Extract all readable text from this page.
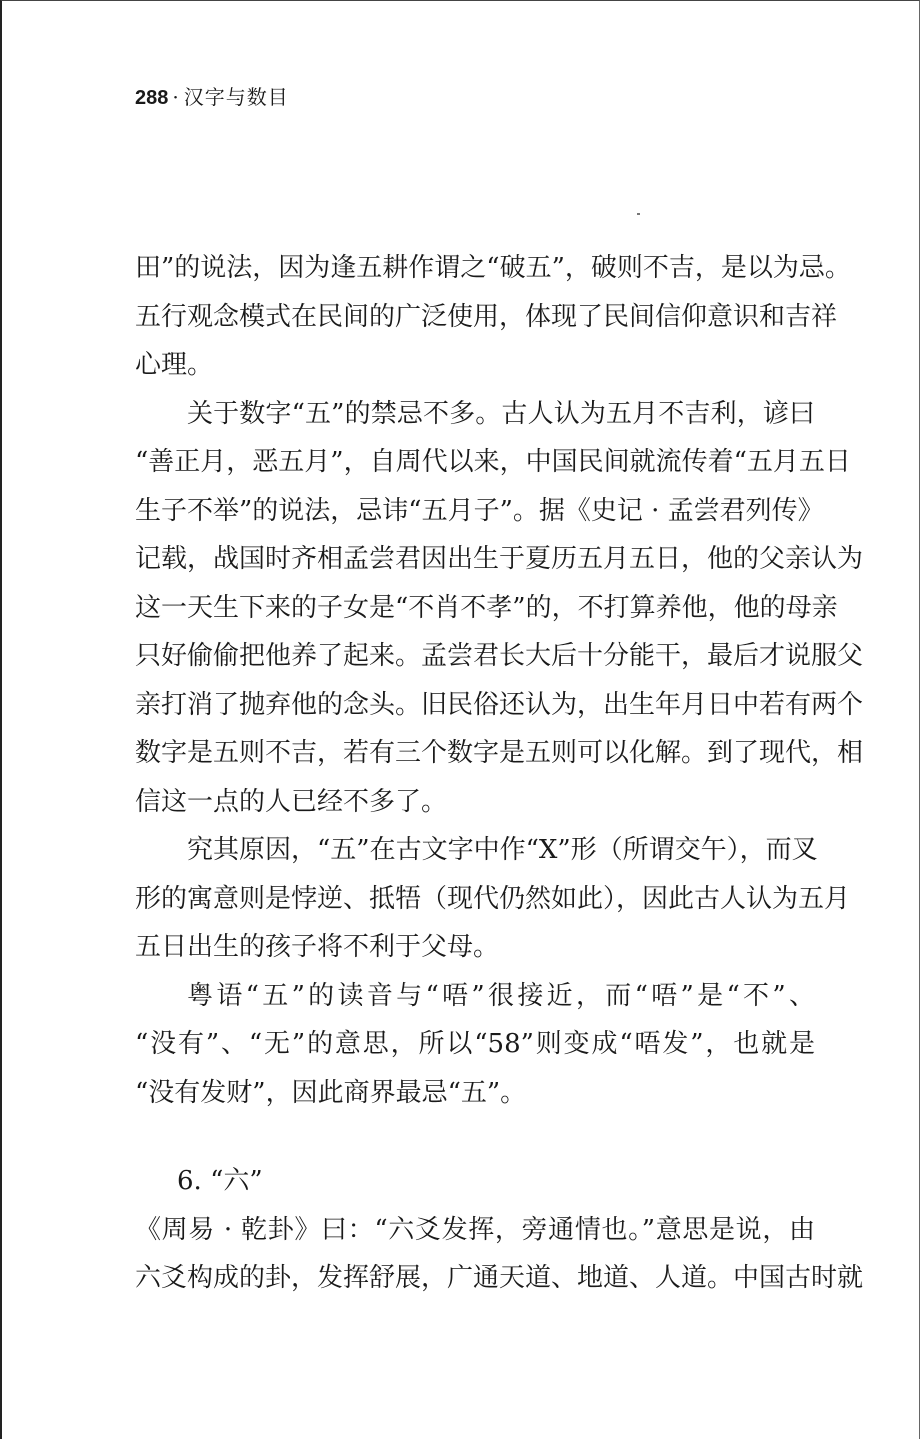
288 · 汉字与数目
田”的说法，因为逢五耕作谓之“破五”，破则不吉，是以为忌。
五行观念模式在民间的广泛使用，体现了民间信仰意识和吉祥
心理。
关于数字“五”的禁忌不多。古人认为五月不吉利，谚曰
“善正月，恶五月”，自周代以来，中国民间就流传着“五月五日
生子不举”的说法，忌讳“五月子”。据《史记 · 孟尝君列传》
记载，战国时齐相孟尝君因出生于夏历五月五日，他的父亲认为
这一天生下来的子女是“不肖不孝”的，不打算养他，他的母亲
只好偷偷把他养了起来。孟尝君长大后十分能干，最后才说服父
亲打消了抛弃他的念头。旧民俗还认为，出生年月日中若有两个
数字是五则不吉，若有三个数字是五则可以化解。到了现代，相
信这一点的人已经不多了。
究其原因，“五”在古文字中作“X”形（所谓交午），而叉
形的寓意则是悖逆、抵牾（现代仍然如此），因此古人认为五月
五日出生的孩子将不利于父母。
粤语“五”的读音与“唔”很接近，而“唔”是“不”、
“没有”、“无”的意思，所以“58”则变成“唔发”，也就是
“没有发财”，因此商界最忌“五”。
6. “六”
《周易 · 乾卦》曰：“六爻发挥，旁通情也。”意思是说，由
六爻构成的卦，发挥舒展，广通天道、地道、人道。中国古时就
